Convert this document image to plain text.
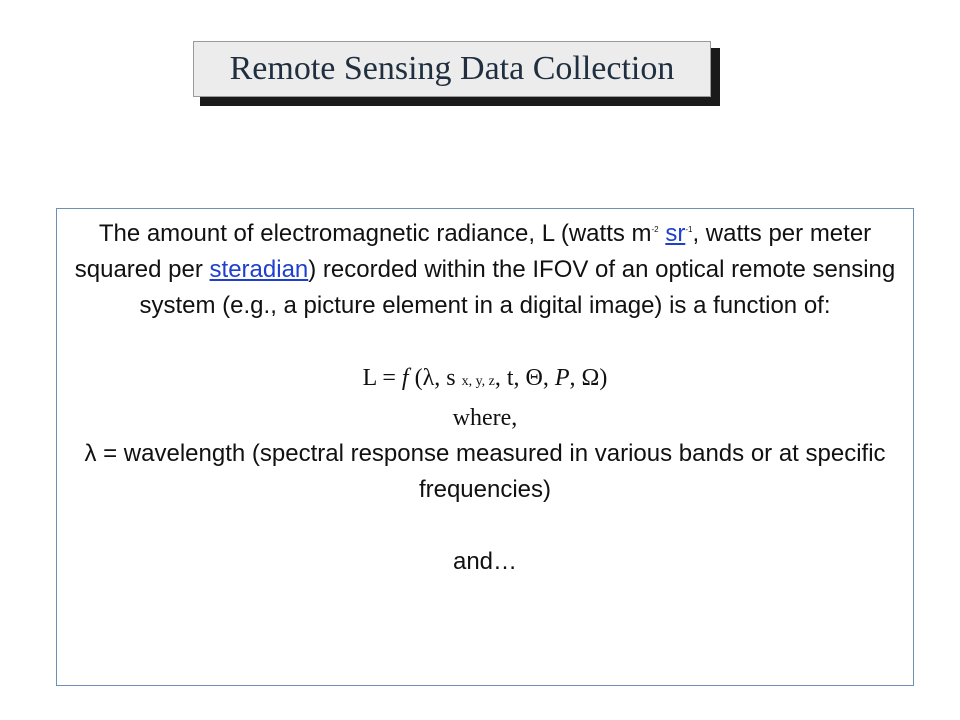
Remote Sensing Data Collection

The amount of electromagnetic radiance, L (watts $m^{-2}$ $sr^{-1}$, watts per meter squared per steradian) recorded within the IFOV of an optical remote sensing system (e.g., a picture element in a digital image) is a function of:

L = f (λ, s x, y, z, t, Θ, P, Ω)

where,

λ = wavelength (spectral response measured in various bands or at specific frequencies)

and…
